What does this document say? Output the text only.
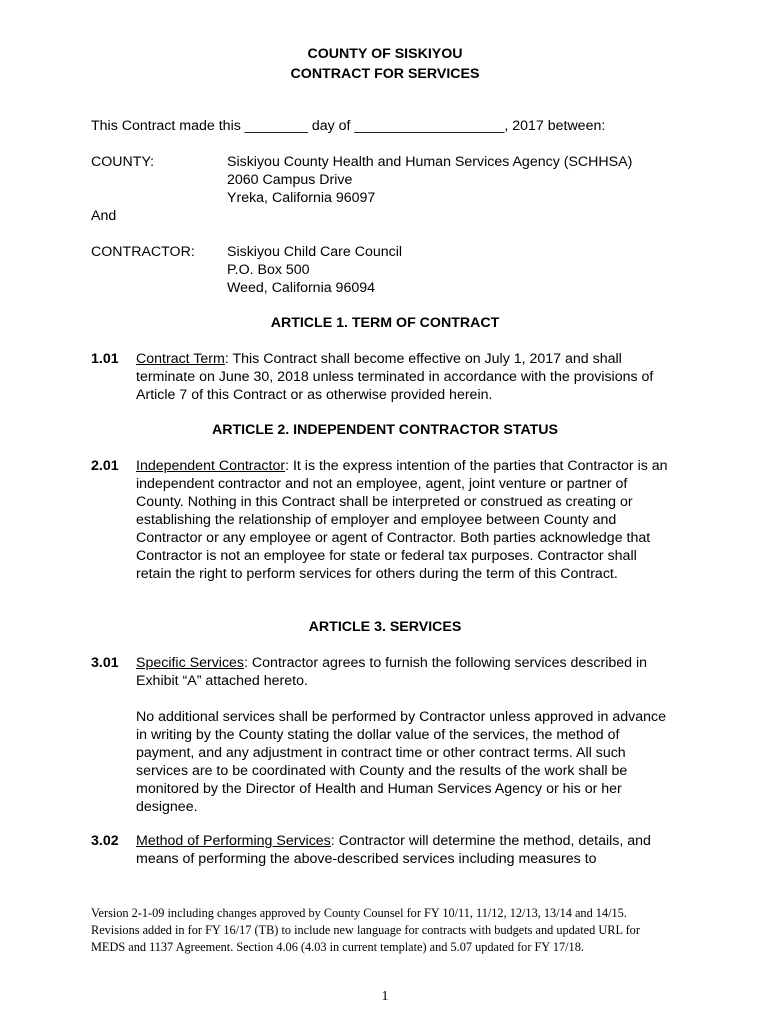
COUNTY OF SISKIYOU
CONTRACT FOR SERVICES
This Contract made this ________ day of ___________________, 2017 between:
COUNTY:	Siskiyou County Health and Human Services Agency (SCHHSA)
2060 Campus Drive
Yreka, California 96097
And
CONTRACTOR: Siskiyou Child Care Council
P.O. Box 500
Weed, California 96094
ARTICLE 1. TERM OF CONTRACT
1.01 Contract Term: This Contract shall become effective on July 1, 2017 and shall terminate on June 30, 2018 unless terminated in accordance with the provisions of Article 7 of this Contract or as otherwise provided herein.
ARTICLE 2. INDEPENDENT CONTRACTOR STATUS
2.01 Independent Contractor: It is the express intention of the parties that Contractor is an independent contractor and not an employee, agent, joint venture or partner of County. Nothing in this Contract shall be interpreted or construed as creating or establishing the relationship of employer and employee between County and Contractor or any employee or agent of Contractor. Both parties acknowledge that Contractor is not an employee for state or federal tax purposes. Contractor shall retain the right to perform services for others during the term of this Contract.
ARTICLE 3. SERVICES
3.01 Specific Services: Contractor agrees to furnish the following services described in Exhibit “A” attached hereto.

No additional services shall be performed by Contractor unless approved in advance in writing by the County stating the dollar value of the services, the method of payment, and any adjustment in contract time or other contract terms. All such services are to be coordinated with County and the results of the work shall be monitored by the Director of Health and Human Services Agency or his or her designee.
3.02 Method of Performing Services: Contractor will determine the method, details, and means of performing the above-described services including measures to
Version 2-1-09 including changes approved by County Counsel for FY 10/11, 11/12, 12/13, 13/14 and 14/15. Revisions added in for FY 16/17 (TB) to include new language for contracts with budgets and updated URL for MEDS and 1137 Agreement. Section 4.06 (4.03 in current template) and 5.07 updated for FY 17/18.
1
